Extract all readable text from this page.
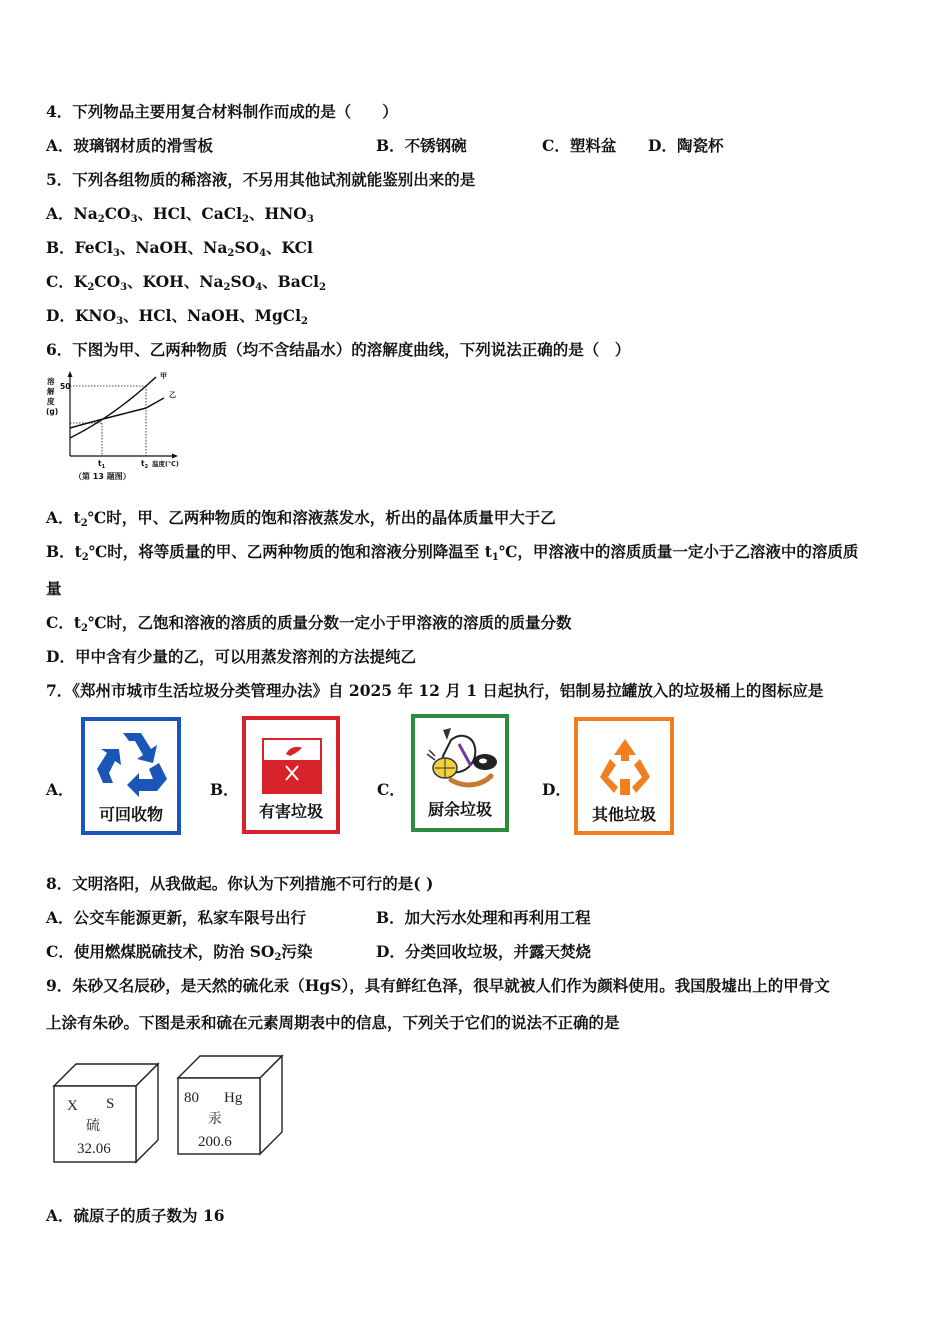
4．下列物品主要用复合材料制作而成的是（　　）
A．玻璃钢材质的滑雪板	B．不锈钢碗	C．塑料盆 D．陶瓷杯
5．下列各组物质的稀溶液，不另用其他试剂就能鉴别出来的是
A．$Na_2CO_3$、HCl、CaCl$_2$、$HNO_3$
B．FeCl$_3$、NaOH、$Na_2SO_4$、KCl
C．$K_2CO_3$、KOH、$Na_2SO_4$、BaCl$_2$
D．$KNO_3$、HCl、NaOH、MgCl$_2$
6．下图为甲、乙两种物质（均不含结晶水）的溶解度曲线，下列说法正确的是（　）
溶
解
度
(g)
50
$t_1$	$t_2$ 温度(℃)
甲
乙
（第 13 题图）
A．$t_2℃$时，甲、乙两种物质的饱和溶液蒸发水，析出的晶体质量甲大于乙
B．$t_2℃$时，将等质量的甲、乙两种物质的饱和溶液分别降温至 $t_1℃$，甲溶液中的溶质质量一定小于乙溶液中的溶质质
量
C．$t_2℃$时，乙饱和溶液的溶质的质量分数一定小于甲溶液的溶质的质量分数
D．甲中含有少量的乙，可以用蒸发溶剂的方法提纯乙
7．《郑州市城市生活垃圾分类管理办法》自 2025 年 12 月 1 日起执行，铝制易拉罐放入的垃圾桶上的图标应是
A．
可回收物
B．
有害垃圾
C．
厨余垃圾
D．
其他垃圾
8．文明洛阳，从我做起。你认为下列措施不可行的是( )
A．公交车能源更新，私家车限号出行	B．加大污水处理和再利用工程
C．使用燃煤脱硫技术，防治 $SO_2$污染	D．分类回收垃圾，并露天焚烧
9．朱砂又名辰砂，是天然的硫化汞（HgS），具有鲜红色泽，很早就被人们作为颜料使用。我国殷墟出上的甲骨文
上涂有朱砂。下图是汞和硫在元素周期表中的信息，下列关于它们的说法不正确的是
X S
硫
32.06
80 Hg
汞
200.6
A．硫原子的质子数为 16
